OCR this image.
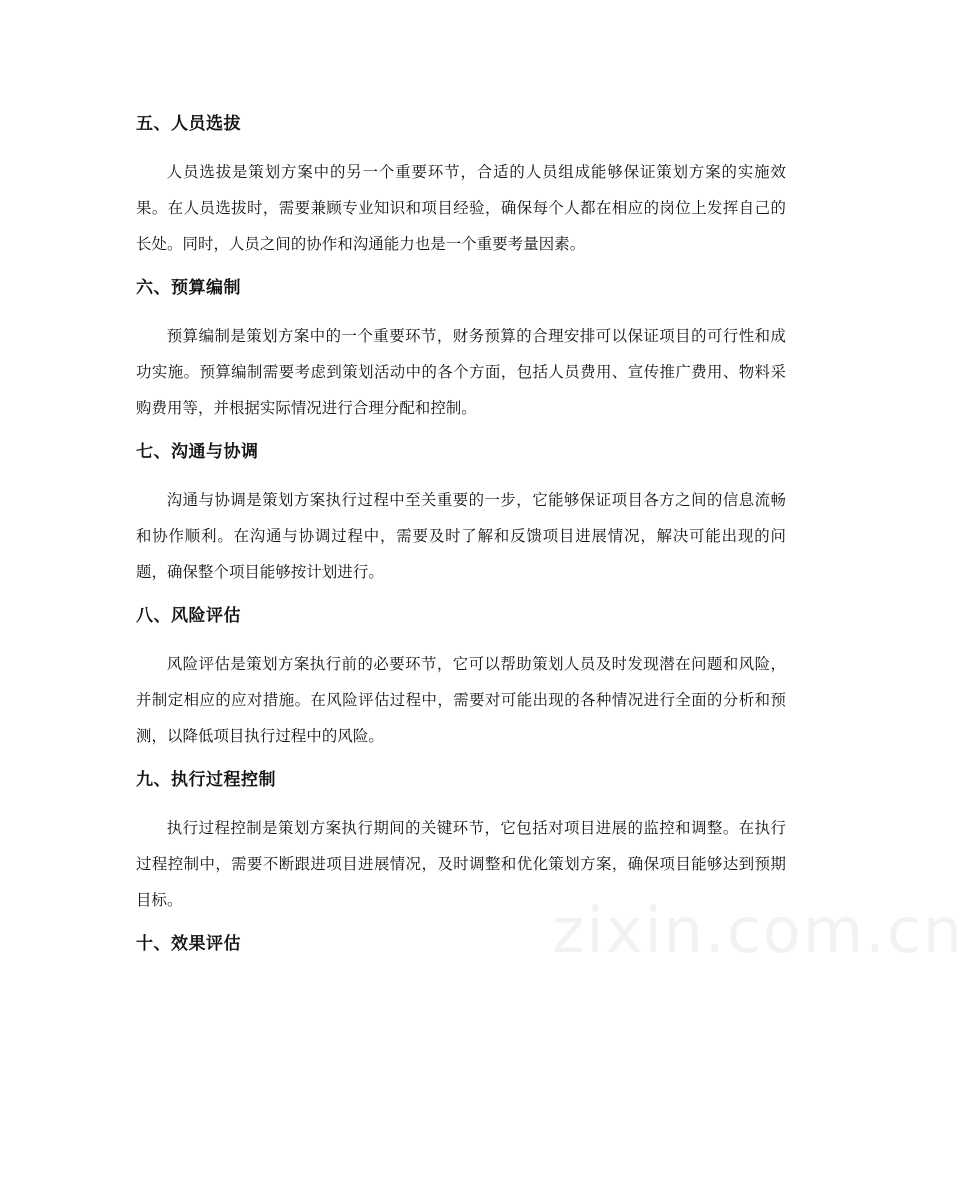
五、人员选拔

人员选拔是策划方案中的另一个重要环节，合适的人员组成能够保证策划方案的实施效果。在人员选拔时，需要兼顾专业知识和项目经验，确保每个人都在相应的岗位上发挥自己的长处。同时，人员之间的协作和沟通能力也是一个重要考量因素。

六、预算编制

预算编制是策划方案中的一个重要环节，财务预算的合理安排可以保证项目的可行性和成功实施。预算编制需要考虑到策划活动中的各个方面，包括人员费用、宣传推广费用、物料采购费用等，并根据实际情况进行合理分配和控制。

七、沟通与协调

沟通与协调是策划方案执行过程中至关重要的一步，它能够保证项目各方之间的信息流畅和协作顺利。在沟通与协调过程中，需要及时了解和反馈项目进展情况，解决可能出现的问题，确保整个项目能够按计划进行。

八、风险评估

风险评估是策划方案执行前的必要环节，它可以帮助策划人员及时发现潜在问题和风险，并制定相应的应对措施。在风险评估过程中，需要对可能出现的各种情况进行全面的分析和预测，以降低项目执行过程中的风险。

九、执行过程控制

执行过程控制是策划方案执行期间的关键环节，它包括对项目进展的监控和调整。在执行过程控制中，需要不断跟进项目进展情况，及时调整和优化策划方案，确保项目能够达到预期目标。

十、效果评估	zixin.com.cn
